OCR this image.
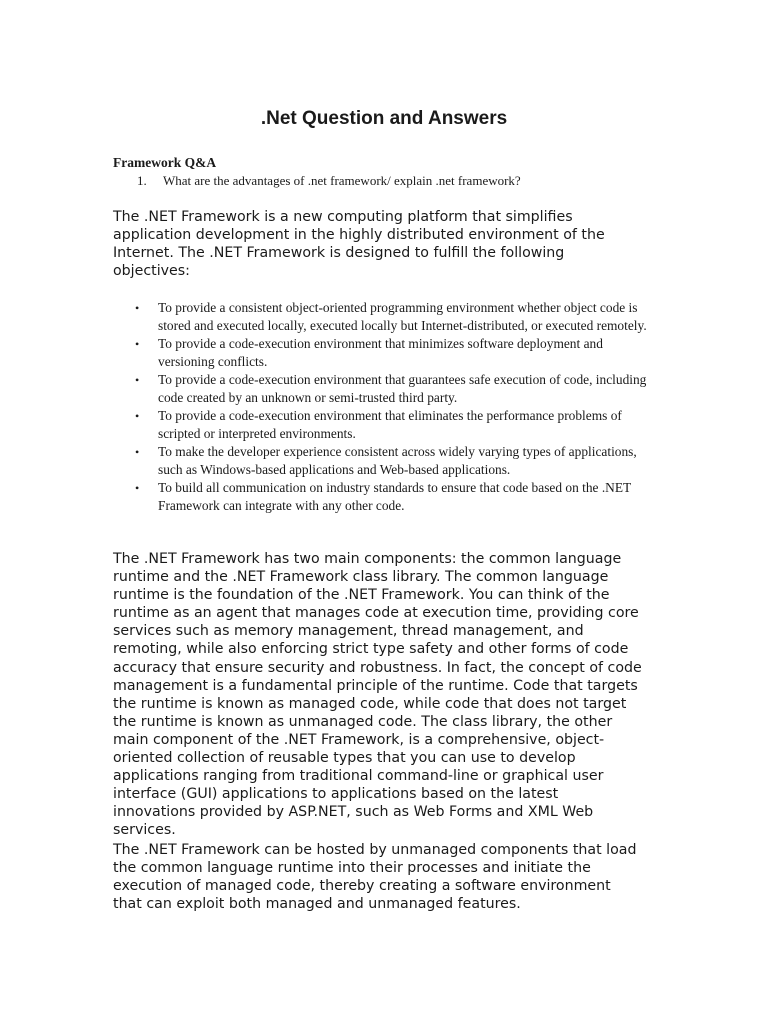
.Net Question and Answers
Framework Q&A
1. What are the advantages of .net framework/ explain .net framework?

The .NET Framework is a new computing platform that simplifies application development in the highly distributed environment of the Internet. The .NET Framework is designed to fulfill the following objectives:

•	To provide a consistent object-oriented programming environment whether object code is stored and executed locally, executed locally but Internet-distributed, or executed remotely.
•	To provide a code-execution environment that minimizes software deployment and versioning conflicts.
•	To provide a code-execution environment that guarantees safe execution of code, including code created by an unknown or semi-trusted third party.
•	To provide a code-execution environment that eliminates the performance problems of scripted or interpreted environments.
•	To make the developer experience consistent across widely varying types of applications, such as Windows-based applications and Web-based applications.
•	To build all communication on industry standards to ensure that code based on the .NET Framework can integrate with any other code.

The .NET Framework has two main components: the common language runtime and the .NET Framework class library. The common language runtime is the foundation of the .NET Framework. You can think of the runtime as an agent that manages code at execution time, providing core services such as memory management, thread management, and remoting, while also enforcing strict type safety and other forms of code accuracy that ensure security and robustness. In fact, the concept of code management is a fundamental principle of the runtime. Code that targets the runtime is known as managed code, while code that does not target the runtime is known as unmanaged code. The class library, the other main component of the .NET Framework, is a comprehensive, object-oriented collection of reusable types that you can use to develop applications ranging from traditional command-line or graphical user interface (GUI) applications to applications based on the latest innovations provided by ASP.NET, such as Web Forms and XML Web services.

The .NET Framework can be hosted by unmanaged components that load the common language runtime into their processes and initiate the execution of managed code, thereby creating a software environment that can exploit both managed and unmanaged features.
